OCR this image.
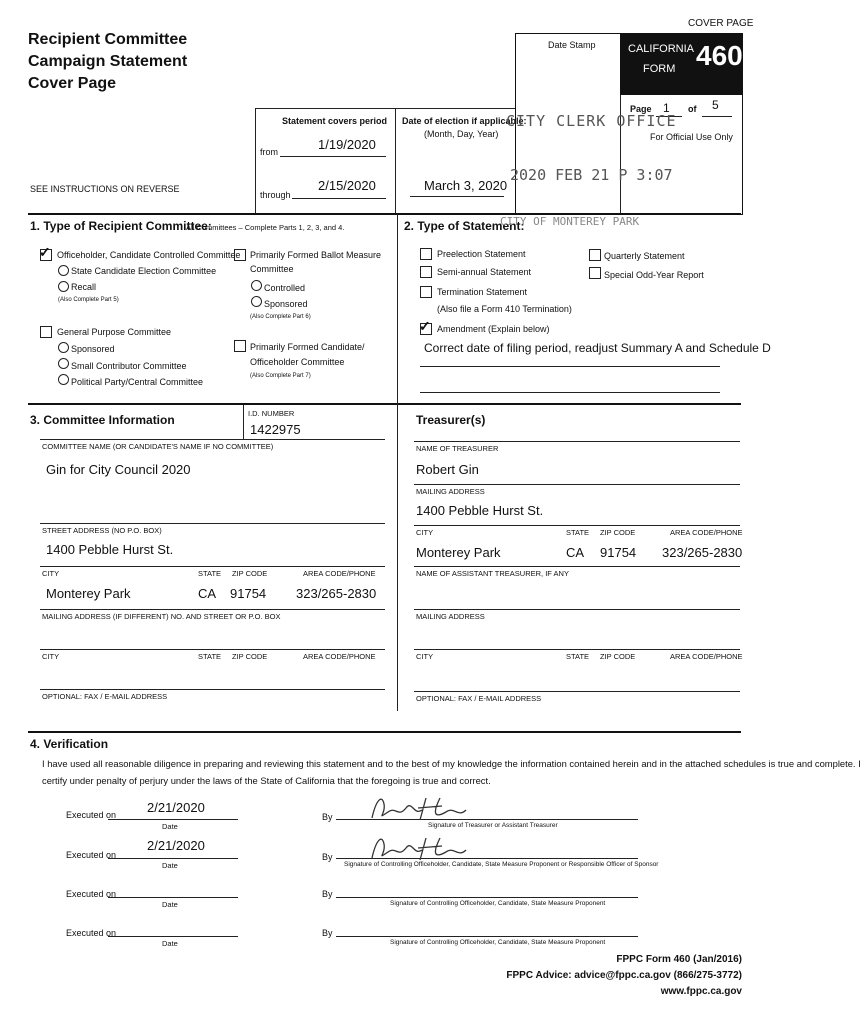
COVER PAGE
Recipient Committee
Campaign Statement
Cover Page
Date Stamp	CALIFORNIA
FORM 460
Page 1 of 5
For Official Use Only
SEE INSTRUCTIONS ON REVERSE
Statement covers period
from	1/19/2020
through
2/15/2020
Date of election if applicable:
(Month, Day, Year)
March 3, 2020
CITY CLERK OFFICE
2020 FEB 21 P 3:07
1. Type of Recipient Committee:
All Committees – Complete Parts 1, 2, 3, and 4.
✓ Officeholder, Candidate Controlled Committee
State Candidate Election Committee
Recall
(Also Complete Part 5)
General Purpose Committee
Sponsored
Small Contributor Committee
Political Party/Central Committee
Primarily Formed Ballot Measure
Committee
Controlled
Sponsored
(Also Complete Part 6)
Primarily Formed Candidate/
Officeholder Committee
(Also Complete Part 7)
2. Type of Statement:
CITY OF MONTEREY PARK
Preelection Statement
Semi-annual Statement
Termination Statement
(Also file a Form 410 Termination)
✓ Amendment (Explain below)
Quarterly Statement
Special Odd-Year Report
Correct date of filing period, readjust Summary A and Schedule D
3. Committee Information	I.D. NUMBER
1422975
COMMITTEE NAME (OR CANDIDATE'S NAME IF NO COMMITTEE)
Gin for City Council 2020
STREET ADDRESS (NO P.O. BOX)
1400 Pebble Hurst St.
CITY	STATE ZIP CODE	AREA CODE/PHONE
Monterey Park	CA 91754 323/265-2830
MAILING ADDRESS (IF DIFFERENT) NO. AND STREET OR P.O. BOX
CITY	STATE ZIP CODE	AREA CODE/PHONE
OPTIONAL: FAX / E-MAIL ADDRESS
Treasurer(s)
NAME OF TREASURER
Robert Gin
MAILING ADDRESS
1400 Pebble Hurst St.
CITY	STATE ZIP CODE	AREA CODE/PHONE
Monterey Park	CA 91754 323/265-2830
NAME OF ASSISTANT TREASURER, IF ANY
MAILING ADDRESS
CITY	STATE ZIP CODE	AREA CODE/PHONE
OPTIONAL: FAX / E-MAIL ADDRESS
4. Verification
I have used all reasonable diligence in preparing and reviewing this statement and to the best of my knowledge the information contained herein and in the attached schedules is true and complete. I
certify under penalty of perjury under the laws of the State of California that the foregoing is true and correct.
Executed on 2/21/2020
Date
By
Signature of Treasurer or Assistant Treasurer
Executed on
2/21/2020
Date
By
Signature of Controlling Officeholder, Candidate, State Measure Proponent or Responsible Officer of Sponsor
Executed on
Date
By
Signature of Controlling Officeholder, Candidate, State Measure Proponent
Executed on
Date
By
Signature of Controlling Officeholder, Candidate, State Measure Proponent
FPPC Form 460 (Jan/2016)
FPPC Advice: advice@fppc.ca.gov (866/275-3772)
www.fppc.ca.gov
